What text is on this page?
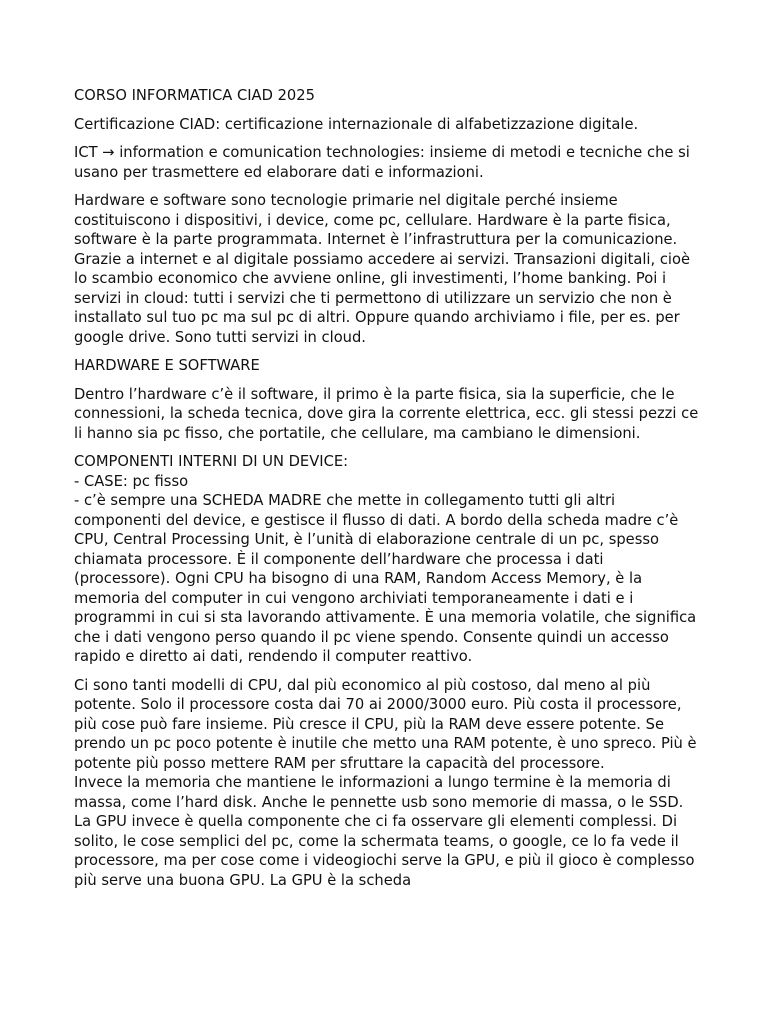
CORSO INFORMATICA CIAD 2025

Certificazione CIAD: certificazione internazionale di alfabetizzazione digitale.

ICT → information e comunication technologies: insieme di metodi e tecniche che si usano per trasmettere ed elaborare dati e informazioni.

Hardware e software sono tecnologie primarie nel digitale perché insieme costituiscono i dispositivi, i device, come pc, cellulare. Hardware è la parte fisica, software è la parte programmata. Internet è l’infrastruttura per la comunicazione. Grazie a internet e al digitale possiamo accedere ai servizi. Transazioni digitali, cioè lo scambio economico che avviene online, gli investimenti, l’home banking. Poi i servizi in cloud: tutti i servizi che ti permettono di utilizzare un servizio che non è installato sul tuo pc ma sul pc di altri. Oppure quando archiviamo i file, per es. per google drive. Sono tutti servizi in cloud.

HARDWARE E SOFTWARE

Dentro l’hardware c’è il software, il primo è la parte fisica, sia la superficie, che le connessioni, la scheda tecnica, dove gira la corrente elettrica, ecc. gli stessi pezzi ce li hanno sia pc fisso, che portatile, che cellulare, ma cambiano le dimensioni.

COMPONENTI INTERNI DI UN DEVICE:

- CASE: pc fisso

- c’è sempre una SCHEDA MADRE che mette in collegamento tutti gli altri componenti del device, e gestisce il flusso di dati. A bordo della scheda madre c’è CPU, Central Processing Unit, è l’unità di elaborazione centrale di un pc, spesso chiamata processore. È il componente dell’hardware che processa i dati (processore). Ogni CPU ha bisogno di una RAM, Random Access Memory, è la memoria del computer in cui vengono archiviati temporaneamente i dati e i programmi in cui si sta lavorando attivamente. È una memoria volatile, che significa che i dati vengono perso quando il pc viene spendo. Consente quindi un accesso rapido e diretto ai dati, rendendo il computer reattivo.

Ci sono tanti modelli di CPU, dal più economico al più costoso, dal meno al più potente. Solo il processore costa dai 70 ai 2000/3000 euro. Più costa il processore, più cose può fare insieme. Più cresce il CPU, più la RAM deve essere potente. Se prendo un pc poco potente è inutile che metto una RAM potente, è uno spreco. Più è potente più posso mettere RAM per sfruttare la capacità del processore.

Invece la memoria che mantiene le informazioni a lungo termine è la memoria di massa, come l’hard disk. Anche le pennette usb sono memorie di massa, o le SSD. La GPU invece è quella componente che ci fa osservare gli elementi complessi. Di solito, le cose semplici del pc, come la schermata teams, o google, ce lo fa vede il processore, ma per cose come i videogiochi serve la GPU, e più il gioco è complesso più serve una buona GPU. La GPU è la scheda
